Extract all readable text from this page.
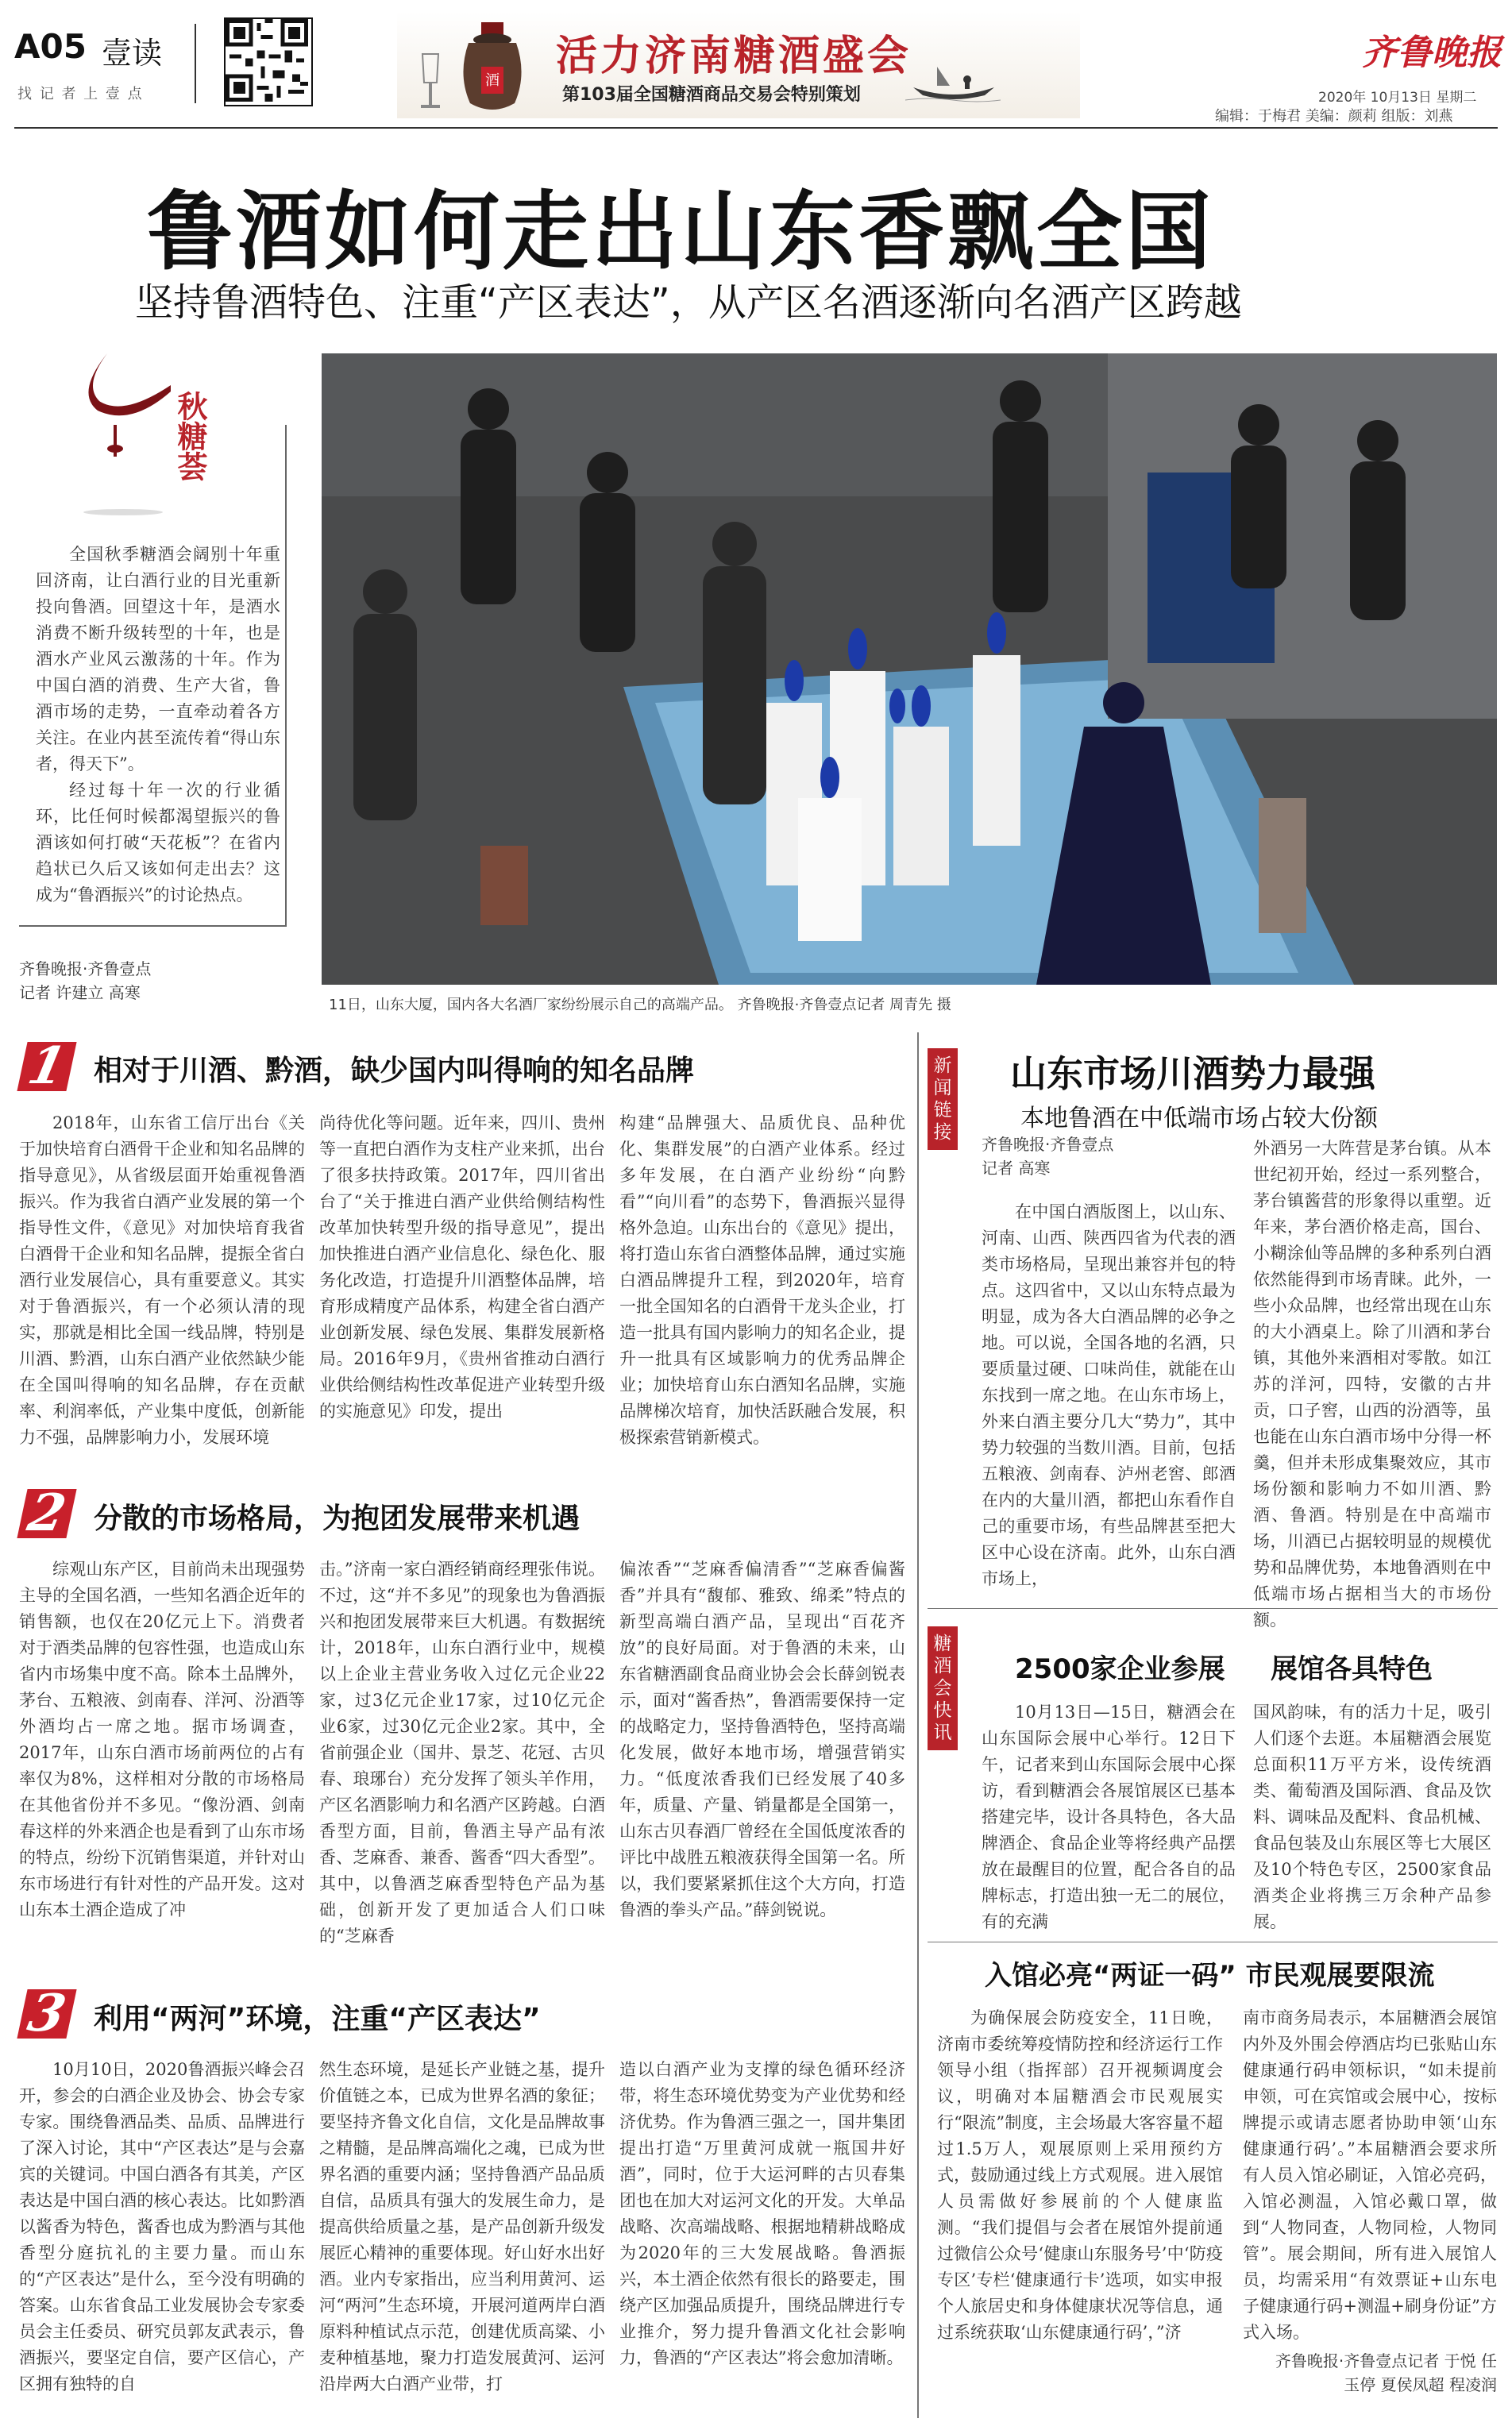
A05 壹读
找 记 者 上 壹 点
酒
活力济南糖酒盛会
第103届全国糖酒商品交易会特别策划
齐鲁晚报
2020年 10月13日 星期二
编辑：于梅君 美编：颜莉 组版：刘燕
鲁酒如何走出山东香飘全国
坚持鲁酒特色、注重“产区表达”，从产区名酒逐渐向名酒产区跨越
秋糖荟

全国秋季糖酒会阔别十年重回济南，让白酒行业的目光重新投向鲁酒。回望这十年，是酒水消费不断升级转型的十年，也是酒水产业风云激荡的十年。作为中国白酒的消费、生产大省，鲁酒市场的走势，一直牵动着各方关注。在业内甚至流传着“得山东者，得天下”。

经过每十年一次的行业循环，比任何时候都渴望振兴的鲁酒该如何打破“天花板”？在省内趋状已久后又该如何走出去？这成为“鲁酒振兴”的讨论热点。

齐鲁晚报·齐鲁壹点
记者 许建立 高寒
11日，山东大厦，国内各大名酒厂家纷纷展示自己的高端产品。 齐鲁晚报·齐鲁壹点记者 周青先 摄
1 相对于川酒、黔酒，缺少国内叫得响的知名品牌

2018年，山东省工信厅出台《关于加快培育白酒骨干企业和知名品牌的指导意见》，从省级层面开始重视鲁酒振兴。作为我省白酒产业发展的第一个指导性文件，《意见》对加快培育我省白酒骨干企业和知名品牌，提振全省白酒行业发展信心，具有重要意义。其实对于鲁酒振兴，有一个必须认清的现实，那就是相比全国一线品牌，特别是川酒、黔酒，山东白酒产业依然缺少能在全国叫得响的知名品牌，存在贡献率、利润率低，产业集中度低，创新能力不强，品牌影响力小，发展环境

尚待优化等问题。近年来，四川、贵州等一直把白酒作为支柱产业来抓，出台了很多扶持政策。2017年，四川省出台了“关于推进白酒产业供给侧结构性改革加快转型升级的指导意见”，提出加快推进白酒产业信息化、绿色化、服务化改造，打造提升川酒整体品牌，培育形成精度产品体系，构建全省白酒产业创新发展、绿色发展、集群发展新格局。2016年9月，《贵州省推动白酒行业供给侧结构性改革促进产业转型升级的实施意见》印发，提出

构建“品牌强大、品质优良、品种优化、集群发展”的白酒产业体系。经过多年发展，在白酒产业纷纷“向黔看”“向川看”的态势下，鲁酒振兴显得格外急迫。山东出台的《意见》提出，将打造山东省白酒整体品牌，通过实施白酒品牌提升工程，到2020年，培育一批全国知名的白酒骨干龙头企业，打造一批具有国内影响力的知名企业，提升一批具有区域影响力的优秀品牌企业；加快培育山东白酒知名品牌，实施品牌梯次培育，加快活跃融合发展，积极探索营销新模式。

2 分散的市场格局，为抱团发展带来机遇

综观山东产区，目前尚未出现强势主导的全国名酒，一些知名酒企近年的销售额，也仅在20亿元上下。消费者对于酒类品牌的包容性强，也造成山东省内市场集中度不高。除本土品牌外，茅台、五粮液、剑南春、洋河、汾酒等外酒均占一席之地。据市场调查，2017年，山东白酒市场前两位的占有率仅为8%，这样相对分散的市场格局在其他省份并不多见。“像汾酒、剑南春这样的外来酒企也是看到了山东市场的特点，纷纷下沉销售渠道，并针对山东市场进行有针对性的产品开发。这对山东本土酒企造成了冲

击。”济南一家白酒经销商经理张伟说。不过，这“并不多见”的现象也为鲁酒振兴和抱团发展带来巨大机遇。有数据统计，2018年，山东白酒行业中，规模以上企业主营业务收入过亿元企业22家，过3亿元企业17家，过10亿元企业6家，过30亿元企业2家。其中，全省前强企业（国井、景芝、花冠、古贝春、琅琊台）充分发挥了领头羊作用，产区名酒影响力和名酒产区跨越。白酒香型方面，目前，鲁酒主导产品有浓香、芝麻香、兼香、酱香“四大香型”。其中，以鲁酒芝麻香型特色产品为基础，创新开发了更加适合人们口味的“芝麻香

偏浓香”“芝麻香偏清香”“芝麻香偏酱香”并具有“馥郁、雅致、绵柔”特点的新型高端白酒产品，呈现出“百花齐放”的良好局面。对于鲁酒的未来，山东省糖酒副食品商业协会会长薛剑锐表示，面对“酱香热”，鲁酒需要保持一定的战略定力，坚持鲁酒特色，坚持高端化发展，做好本地市场，增强营销实力。“低度浓香我们已经发展了40多年，质量、产量、销量都是全国第一，山东古贝春酒厂曾经在全国低度浓香的评比中战胜五粮液获得全国第一名。所以，我们要紧紧抓住这个大方向，打造鲁酒的拳头产品。”薛剑锐说。

3 利用“两河”环境，注重“产区表达”

10月10日，2020鲁酒振兴峰会召开，参会的白酒企业及协会、协会专家专家。围绕鲁酒品类、品质、品牌进行了深入讨论，其中“产区表达”是与会嘉宾的关键词。中国白酒各有其美，产区表达是中国白酒的核心表达。比如黔酒以酱香为特色，酱香也成为黔酒与其他香型分庭抗礼的主要力量。而山东的“产区表达”是什么，至今没有明确的答案。山东省食品工业发展协会专家委员会主任委员、研究员郭友武表示，鲁酒振兴，要坚定自信，要产区信心，产区拥有独特的自

然生态环境，是延长产业链之基，提升价值链之本，已成为世界名酒的象征；要坚持齐鲁文化自信，文化是品牌故事之精髓，是品牌高端化之魂，已成为世界名酒的重要内涵；坚持鲁酒产品品质自信，品质具有强大的发展生命力，是提高供给质量之基，是产品创新升级发展匠心精神的重要体现。好山好水出好酒。业内专家指出，应当利用黄河、运河“两河”生态环境，开展河道两岸白酒原料种植试点示范，创建优质高粱、小麦种植基地，聚力打造发展黄河、运河沿岸两大白酒产业带，打

造以白酒产业为支撑的绿色循环经济带，将生态环境优势变为产业优势和经济优势。作为鲁酒三强之一，国井集团提出打造“万里黄河成就一瓶国井好酒”，同时，位于大运河畔的古贝春集团也在加大对运河文化的开发。大单品战略、次高端战略、根据地精耕战略成为2020年的三大发展战略。鲁酒振兴，本土酒企依然有很长的路要走，围绕产区加强品质提升，围绕品牌进行专业推介，努力提升鲁酒文化社会影响力，鲁酒的“产区表达”将会愈加清晰。

新闻链接
山东市场川酒势力最强
本地鲁酒在中低端市场占较大份额
齐鲁晚报·齐鲁壹点
记者 高寒

在中国白酒版图上，以山东、河南、山西、陕西四省为代表的酒类市场格局，呈现出兼容并包的特点。这四省中，又以山东特点最为明显，成为各大白酒品牌的必争之地。可以说，全国各地的名酒，只要质量过硬、口味尚佳，就能在山东找到一席之地。在山东市场上，外来白酒主要分几大“势力”，其中势力较强的当数川酒。目前，包括五粮液、剑南春、泸州老窖、郎酒在内的大量川酒，都把山东看作自己的重要市场，有些品牌甚至把大区中心设在济南。此外，山东白酒市场上，

外酒另一大阵营是茅台镇。从本世纪初开始，经过一系列整合，茅台镇酱营的形象得以重塑。近年来，茅台酒价格走高，国台、小糊涂仙等品牌的多种系列白酒依然能得到市场青睐。此外，一些小众品牌，也经常出现在山东的大小酒桌上。除了川酒和茅台镇，其他外来酒相对零散。如江苏的洋河，四特，安徽的古井贡，口子窖，山西的汾酒等，虽也能在山东白酒市场中分得一杯羹，但并未形成集聚效应，其市场份额和影响力不如川酒、黔酒、鲁酒。特别是在中高端市场，川酒已占据较明显的规模优势和品牌优势，本地鲁酒则在中低端市场占据相当大的市场份额。

糖酒会快讯
2500家企业参展 展馆各具特色

10月13日—15日，糖酒会在山东国际会展中心举行。12日下午，记者来到山东国际会展中心探访，看到糖酒会各展馆展区已基本搭建完毕，设计各具特色，各大品牌酒企、食品企业等将经典产品摆放在最醒目的位置，配合各自的品牌标志，打造出独一无二的展位，有的充满

国风韵味，有的活力十足，吸引人们逐个去逛。本届糖酒会展览总面积11万平方米，设传统酒类、葡萄酒及国际酒、食品及饮料、调味品及配料、食品机械、食品包装及山东展区等七大展区及10个特色专区，2500家食品酒类企业将携三万余种产品参展。

入馆必亮“两证一码” 市民观展要限流

为确保展会防疫安全，11日晚，济南市委统筹疫情防控和经济运行工作领导小组（指挥部）召开视频调度会议，明确对本届糖酒会市民观展实行“限流”制度，主会场最大客容量不超过1.5万人，观展原则上采用预约方式，鼓励通过线上方式观展。进入展馆人员需做好参展前的个人健康监测。“我们提倡与会者在展馆外提前通过微信公众号‘健康山东服务号’中‘防疫专区’专栏‘健康通行卡’选项，如实申报个人旅居史和身体健康状况等信息，通过系统获取‘山东健康通行码’，”济

南市商务局表示，本届糖酒会展馆内外及外围会停酒店均已张贴山东健康通行码申领标识，“如未提前申领，可在宾馆或会展中心，按标牌提示或请志愿者协助申领‘山东健康通行码’。”本届糖酒会要求所有人员入馆必刷证，入馆必亮码，入馆必测温，入馆必戴口罩，做到“人物同查，人物同检，人物同管”。展会期间，所有进入展馆人员，均需采用“有效票证+山东电子健康通行码+测温+刷身份证”方式入场。

齐鲁晚报·齐鲁壹点记者 于悦 任玉停 夏侯凤超 程凌润
